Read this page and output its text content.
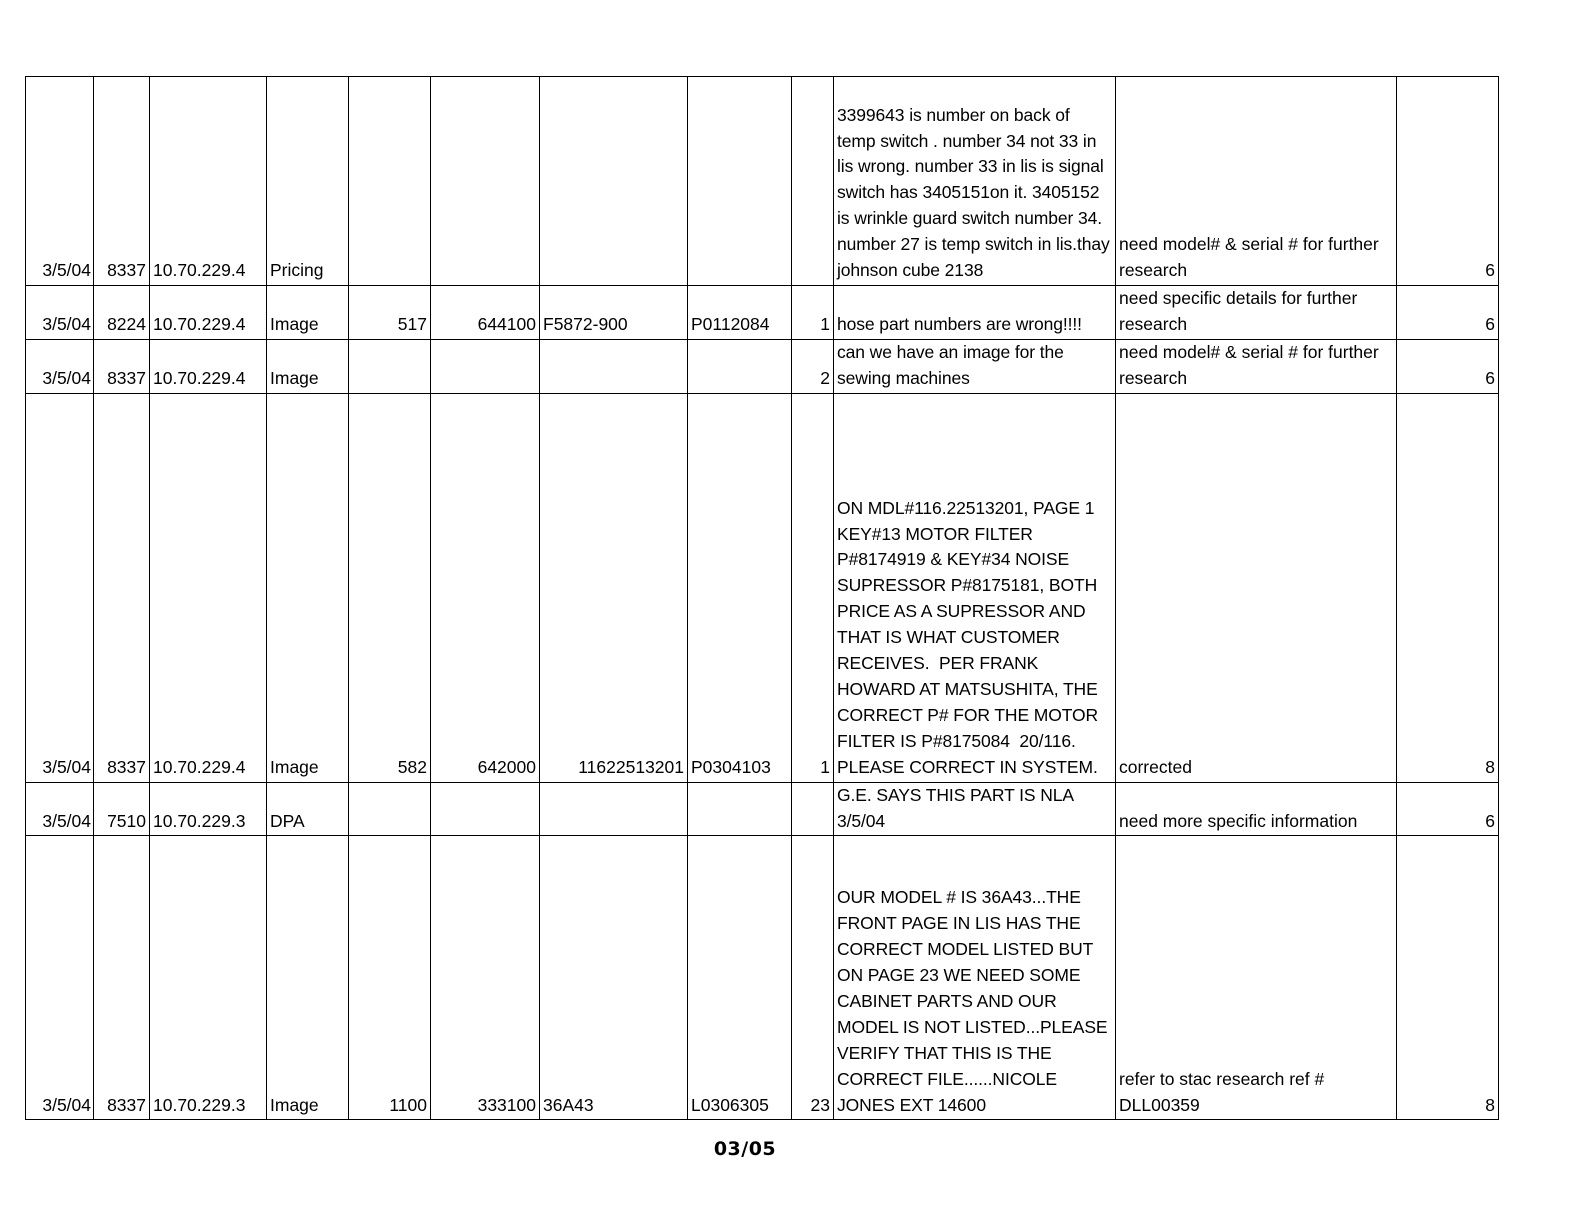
3/5/04	8337	10.70.229.4	Pricing						3399643 is number on back of temp switch . number 34 not 33 in lis wrong. number 33 in lis is signal switch has 3405151on it. 3405152 is wrinkle guard switch number 34. number 27 is temp switch in lis.thay johnson cube 2138	need model# & serial # for further research	6
3/5/04	8224	10.70.229.4	Image	517	644100	F5872-900	P0112084	1	hose part numbers are wrong!!!!	need specific details for further research	6
3/5/04	8337	10.70.229.4	Image					2	can we have an image for the sewing machines	need model# & serial # for further research	6
3/5/04	8337	10.70.229.4	Image	582	642000	11622513201	P0304103	1	ON MDL#116.22513201, PAGE 1 KEY#13 MOTOR FILTER P#8174919 & KEY#34 NOISE SUPRESSOR P#8175181, BOTH PRICE AS A SUPRESSOR AND THAT IS WHAT CUSTOMER RECEIVES.  PER FRANK HOWARD AT MATSUSHITA, THE CORRECT P# FOR THE MOTOR FILTER IS P#8175084  20/116.  PLEASE CORRECT IN SYSTEM.	corrected	8
3/5/04	7510	10.70.229.3	DPA						G.E. SAYS THIS PART IS NLA 3/5/04	need more specific information	6
3/5/04	8337	10.70.229.3	Image	1100	333100	36A43	L0306305	23	OUR MODEL # IS 36A43...THE FRONT PAGE IN LIS HAS THE CORRECT MODEL LISTED BUT ON PAGE 23 WE NEED SOME CABINET PARTS AND OUR MODEL IS NOT LISTED...PLEASE VERIFY THAT THIS IS THE CORRECT FILE......NICOLE JONES EXT 14600	refer to stac research ref # DLL00359	8
03/05
